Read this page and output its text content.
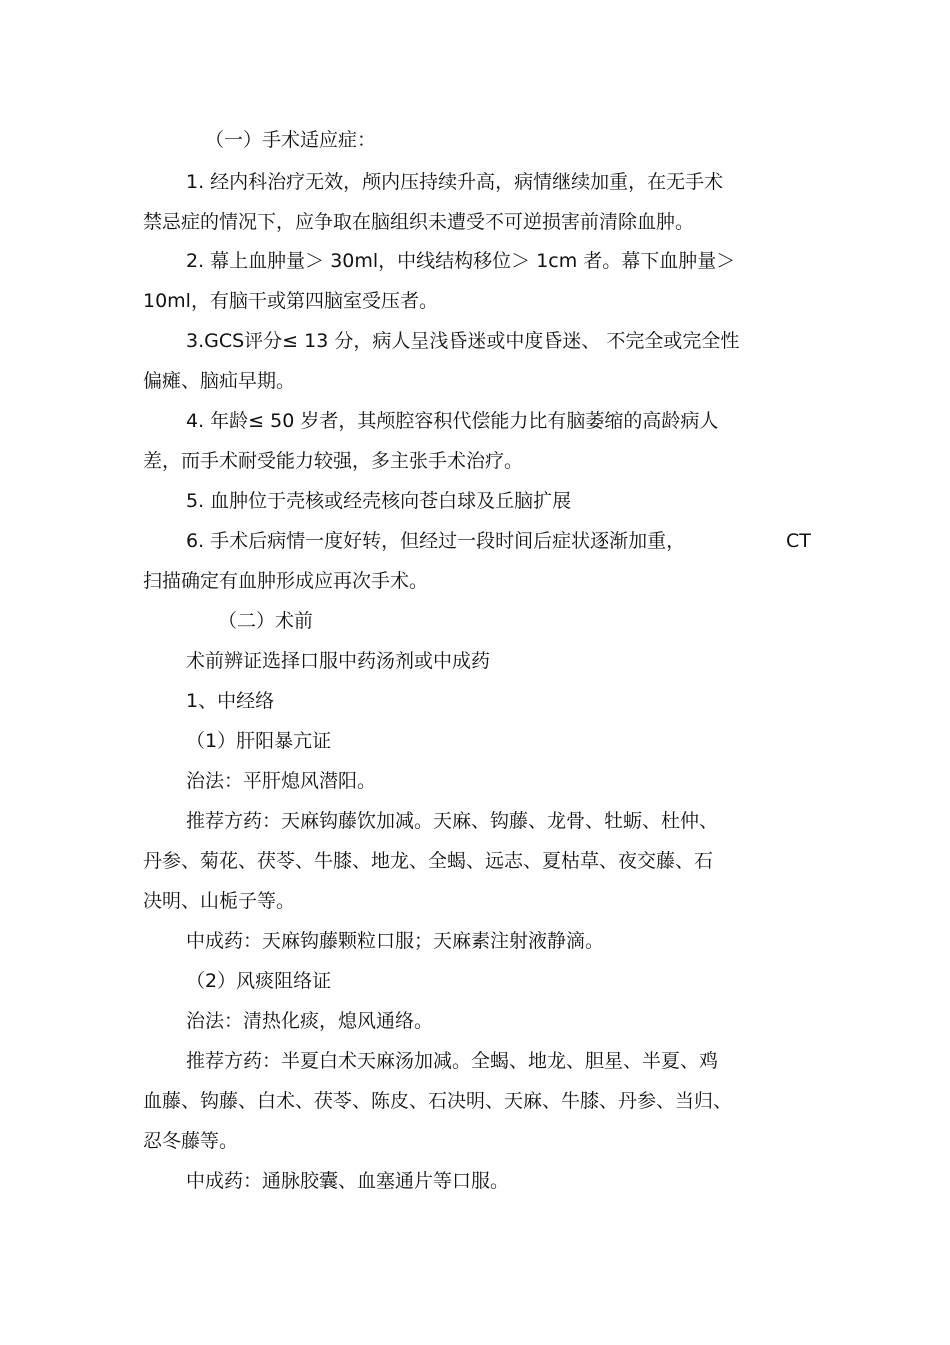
（一）手术适应症：
1. 经内科治疗无效，颅内压持续升高，病情继续加重，在无手术
禁忌症的情况下，应争取在脑组织未遭受不可逆损害前清除血肿。
2. 幕上血肿量＞ 30ml，中线结构移位＞ 1cm 者。幕下血肿量＞
10ml，有脑干或第四脑室受压者。
3.GCS评分≤ 13 分，病人呈浅昏迷或中度昏迷、 不完全或完全性
偏瘫、脑疝早期。
4. 年龄≤ 50 岁者，其颅腔容积代偿能力比有脑萎缩的高龄病人
差，而手术耐受能力较强，多主张手术治疗。
5. 血肿位于壳核或经壳核向苍白球及丘脑扩展
6. 手术后病情一度好转，但经过一段时间后症状逐渐加重，	CT
扫描确定有血肿形成应再次手术。
（二）术前
术前辨证选择口服中药汤剂或中成药
1、中经络
（1）肝阳暴亢证
治法：平肝熄风潜阳。
推荐方药：天麻钩藤饮加减。天麻、钩藤、龙骨、牡蛎、杜仲、
丹参、菊花、茯苓、牛膝、地龙、全蝎、远志、夏枯草、夜交藤、石
决明、山栀子等。
中成药：天麻钩藤颗粒口服；天麻素注射液静滴。
（2）风痰阻络证
治法：清热化痰，熄风通络。
推荐方药：半夏白术天麻汤加减。全蝎、地龙、胆星、半夏、鸡
血藤、钩藤、白术、茯苓、陈皮、石决明、天麻、牛膝、丹参、当归、
忍冬藤等。
中成药：通脉胶囊、血塞通片等口服。
